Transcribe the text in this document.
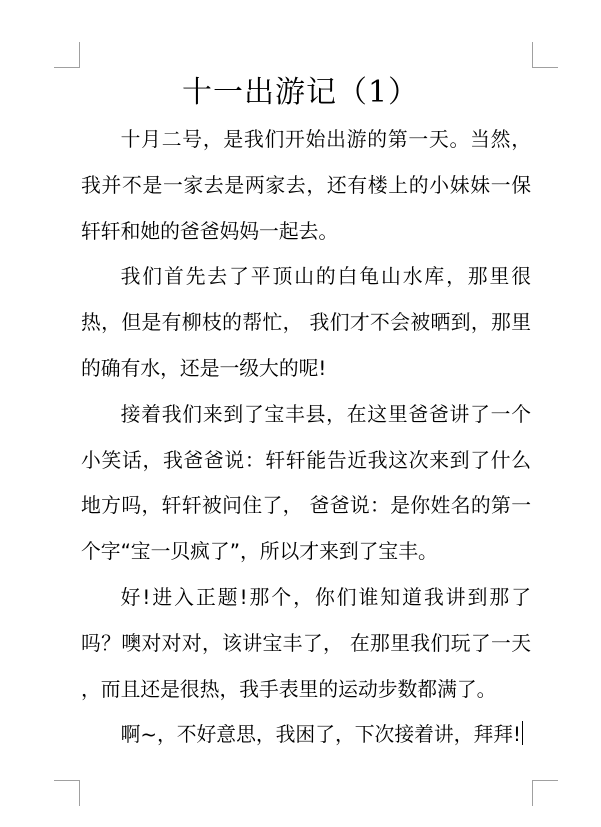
十一出游记（1）

十月二号，是我们开始出游的第一天。当然，我并不是一家去是两家去，还有楼上的小妹妹一保轩轩和她的爸爸妈妈一起去。

我们首先去了平顶山的白龟山水库，那里很热，但是有柳枝的帮忙， 我们才不会被晒到，那里的确有水，还是一级大的呢!

接着我们来到了宝丰县，在这里爸爸讲了一个小笑话，我爸爸说：轩轩能告近我这次来到了什么地方吗，轩轩被问住了， 爸爸说：是你姓名的第一个字“宝一贝疯了”，所以才来到了宝丰。

好!进入正题!那个，你们谁知道我讲到那了吗？噢对对对，该讲宝丰了， 在那里我们玩了一天 ，而且还是很热，我手表里的运动步数都满了。

啊~，不好意思，我困了，下次接着讲，拜拜!
